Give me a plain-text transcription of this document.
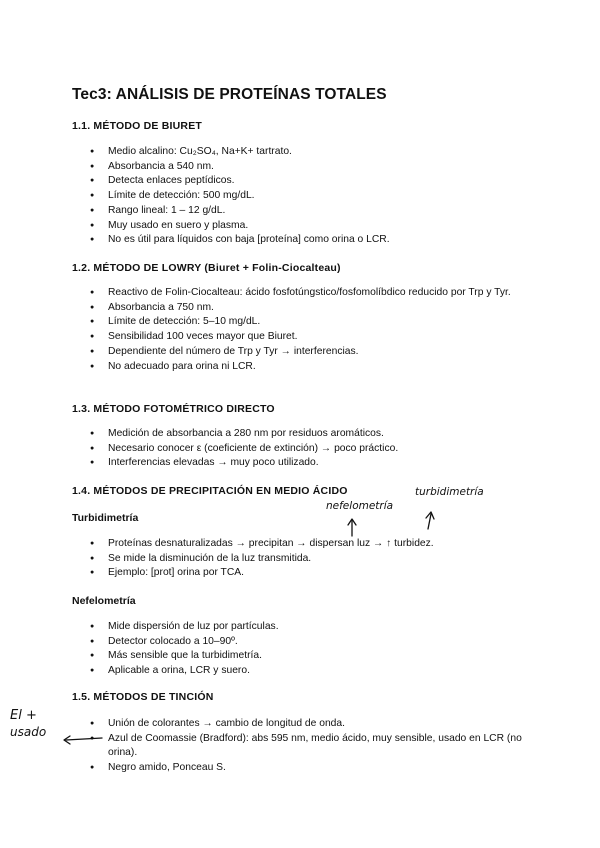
Tec3: ANÁLISIS DE PROTEÍNAS TOTALES
1.1. MÉTODO DE BIURET
● Medio alcalino: Cu₂SO₄, Na+K+ tartrato.
● Absorbancia a 540 nm.
● Detecta enlaces peptídicos.
● Límite de detección: 500 mg/dL.
● Rango lineal: 1 – 12 g/dL.
● Muy usado en suero y plasma.
● No es útil para líquidos con baja [proteína] como orina o LCR.
1.2. MÉTODO DE LOWRY (Biuret + Folin-Ciocalteau)
● Reactivo de Folin-Ciocalteau: ácido fosfotúngstico/fosfomolíbdico reducido por Trp y Tyr.
● Absorbancia a 750 nm.
● Límite de detección: 5–10 mg/dL.
● Sensibilidad 100 veces mayor que Biuret.
● Dependiente del número de Trp y Tyr → interferencias.
● No adecuado para orina ni LCR.
1.3. MÉTODO FOTOMÉTRICO DIRECTO
● Medición de absorbancia a 280 nm por residuos aromáticos.
● Necesario conocer ε (coeficiente de extinción) → poco práctico.
● Interferencias elevadas → muy poco utilizado.
1.4. MÉTODOS DE PRECIPITACIÓN EN MEDIO ÁCIDO
Turbidimetría
● Proteínas desnaturalizadas → precipitan → dispersan luz → ↑ turbidez.
● Se mide la disminución de la luz transmitida.
● Ejemplo: [prot] orina por TCA.
Nefelometría
● Mide dispersión de luz por partículas.
● Detector colocado a 10–90º.
● Más sensible que la turbidimetría.
● Aplicable a orina, LCR y suero.
1.5. MÉTODOS DE TINCIÓN
● Unión de colorantes → cambio de longitud de onda.
● Azul de Coomassie (Bradford): abs 595 nm, medio ácido, muy sensible, usado en LCR (no orina).
● Negro amido, Ponceau S.
nefelometría
turbidimetría
El +
usado
